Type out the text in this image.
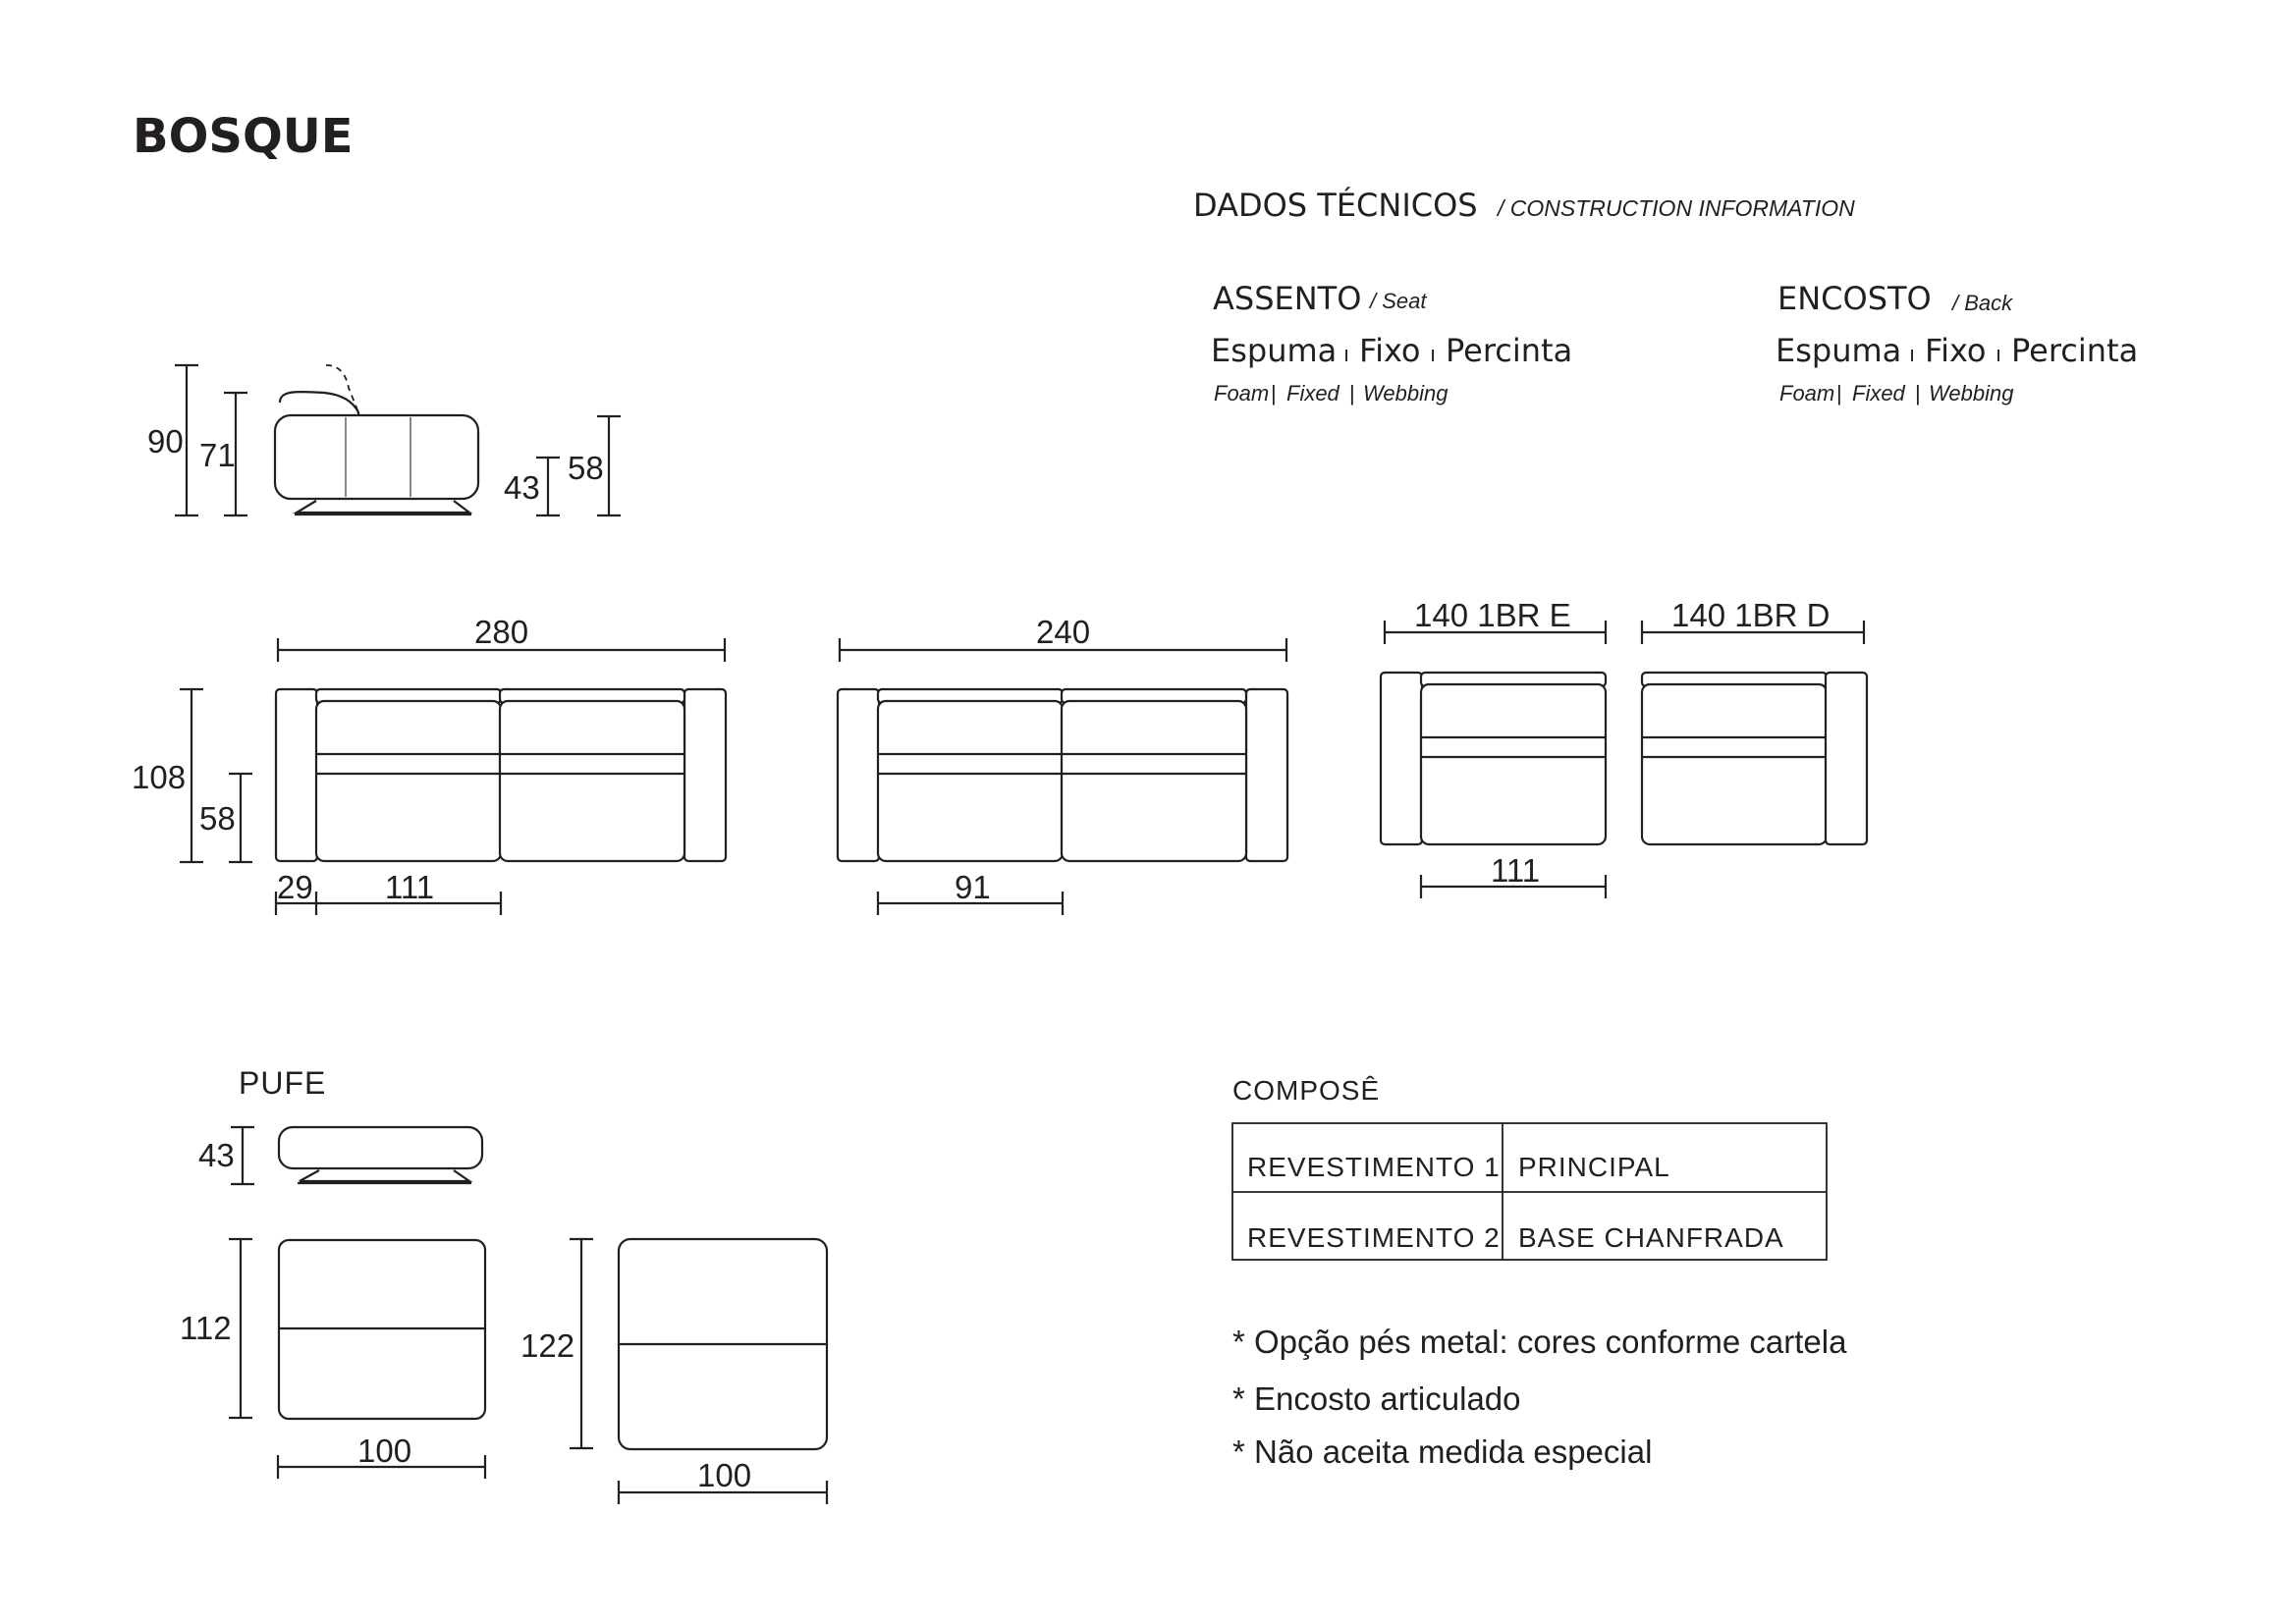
BOSQUE
DADOS TÉCNICOS / CONSTRUCTION INFORMATION
ASSENTO / Seat
Espuma ı Fixo ı Percinta
Foam | Fixed | Webbing
ENCOSTO / Back
Espuma ı Fixo ı Percinta
Foam | Fixed | Webbing
90 71
43
58
280
108
58
29 111
240
91
140 1BR E
111
140 1BR D
PUFE
43
112
100
122
100
COMPOSÊ
REVESTIMENTO 1 PRINCIPAL
REVESTIMENTO 2 BASE CHANFRADA
* Opção pés metal: cores conforme cartela
* Encosto articulado
* Não aceita medida especial
